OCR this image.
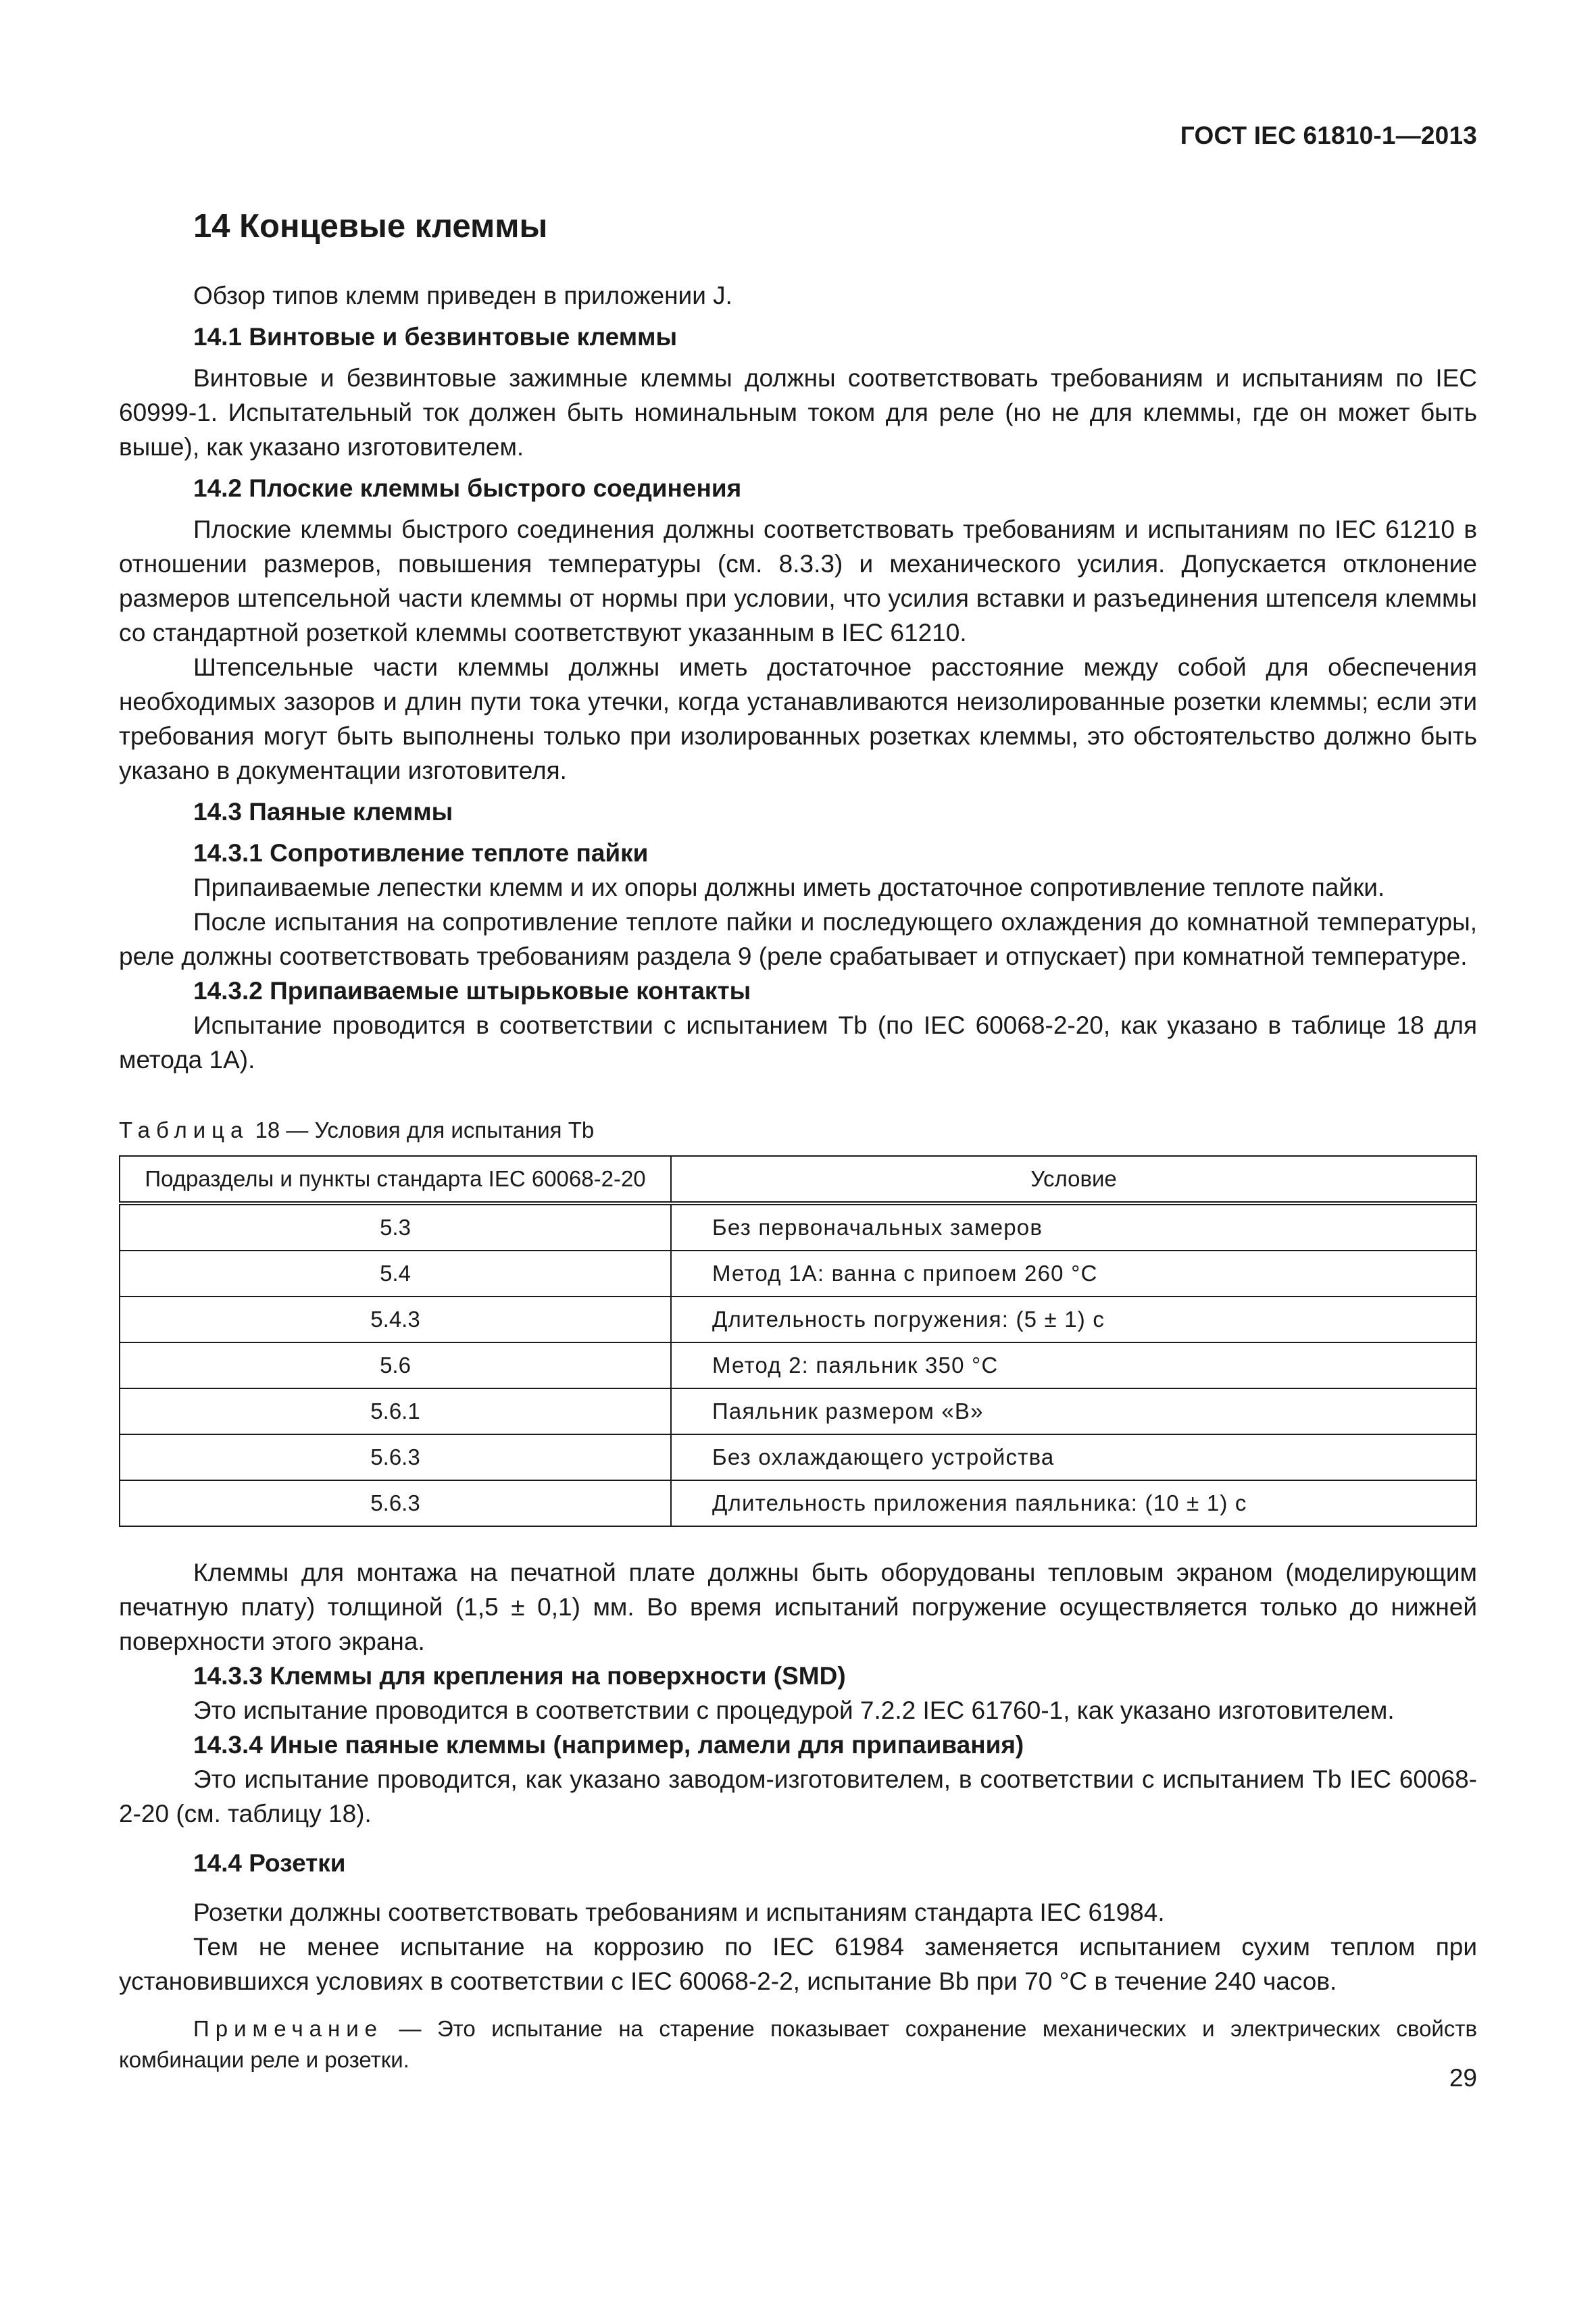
ГОСТ IEC 61810-1—2013
14 Концевые клеммы

Обзор типов клемм приведен в приложении J.

14.1 Винтовые и безвинтовые клеммы

Винтовые и безвинтовые зажимные клеммы должны соответствовать требованиям и испытаниям по IEC 60999-1. Испытательный ток должен быть номинальным током для реле (но не для клеммы, где он может быть выше), как указано изготовителем.

14.2 Плоские клеммы быстрого соединения

Плоские клеммы быстрого соединения должны соответствовать требованиям и испытаниям по IEC 61210 в отношении размеров, повышения температуры (см. 8.3.3) и механического усилия. Допускается отклонение размеров штепсельной части клеммы от нормы при условии, что усилия вставки и разъединения штепселя клеммы со стандартной розеткой клеммы соответствуют указанным в IEC 61210.

Штепсельные части клеммы должны иметь достаточное расстояние между собой для обеспечения необходимых зазоров и длин пути тока утечки, когда устанавливаются неизолированные розетки клеммы; если эти требования могут быть выполнены только при изолированных розетках клеммы, это обстоятельство должно быть указано в документации изготовителя.

14.3 Паяные клеммы

14.3.1 Сопротивление теплоте пайки

Припаиваемые лепестки клемм и их опоры должны иметь достаточное сопротивление теплоте пайки.

После испытания на сопротивление теплоте пайки и последующего охлаждения до комнатной температуры, реле должны соответствовать требованиям раздела 9 (реле срабатывает и отпускает) при комнатной температуре.

14.3.2 Припаиваемые штырьковые контакты

Испытание проводится в соответствии с испытанием Tb (по IEC 60068-2-20, как указано в таблице 18 для метода 1А).

Таблица 18 — Условия для испытания Tb

Подразделы и пункты стандарта IEC 60068-2-20	Условие
5.3	Без первоначальных замеров
5.4	Метод 1А: ванна с припоем 260 °С
5.4.3	Длительность погружения: (5 ± 1) с
5.6	Метод 2: паяльник 350 °С
5.6.1	Паяльник размером «В»
5.6.3	Без охлаждающего устройства
5.6.3	Длительность приложения паяльника: (10 ± 1) с

Клеммы для монтажа на печатной плате должны быть оборудованы тепловым экраном (моделирующим печатную плату) толщиной (1,5 ± 0,1) мм. Во время испытаний погружение осуществляется только до нижней поверхности этого экрана.

14.3.3 Клеммы для крепления на поверхности (SMD)

Это испытание проводится в соответствии с процедурой 7.2.2 IEC 61760-1, как указано изготовителем.

14.3.4 Иные паяные клеммы (например, ламели для припаивания)

Это испытание проводится, как указано заводом-изготовителем, в соответствии с испытанием Tb IEC 60068-2-20 (см. таблицу 18).

14.4 Розетки

Розетки должны соответствовать требованиям и испытаниям стандарта IEC 61984.

Тем не менее испытание на коррозию по IEC 61984 заменяется испытанием сухим теплом при установившихся условиях в соответствии с IEC 60068-2-2, испытание Bb при 70 °С в течение 240 часов.

Примечание — Это испытание на старение показывает сохранение механических и электрических свойств комбинации реле и розетки.

29
